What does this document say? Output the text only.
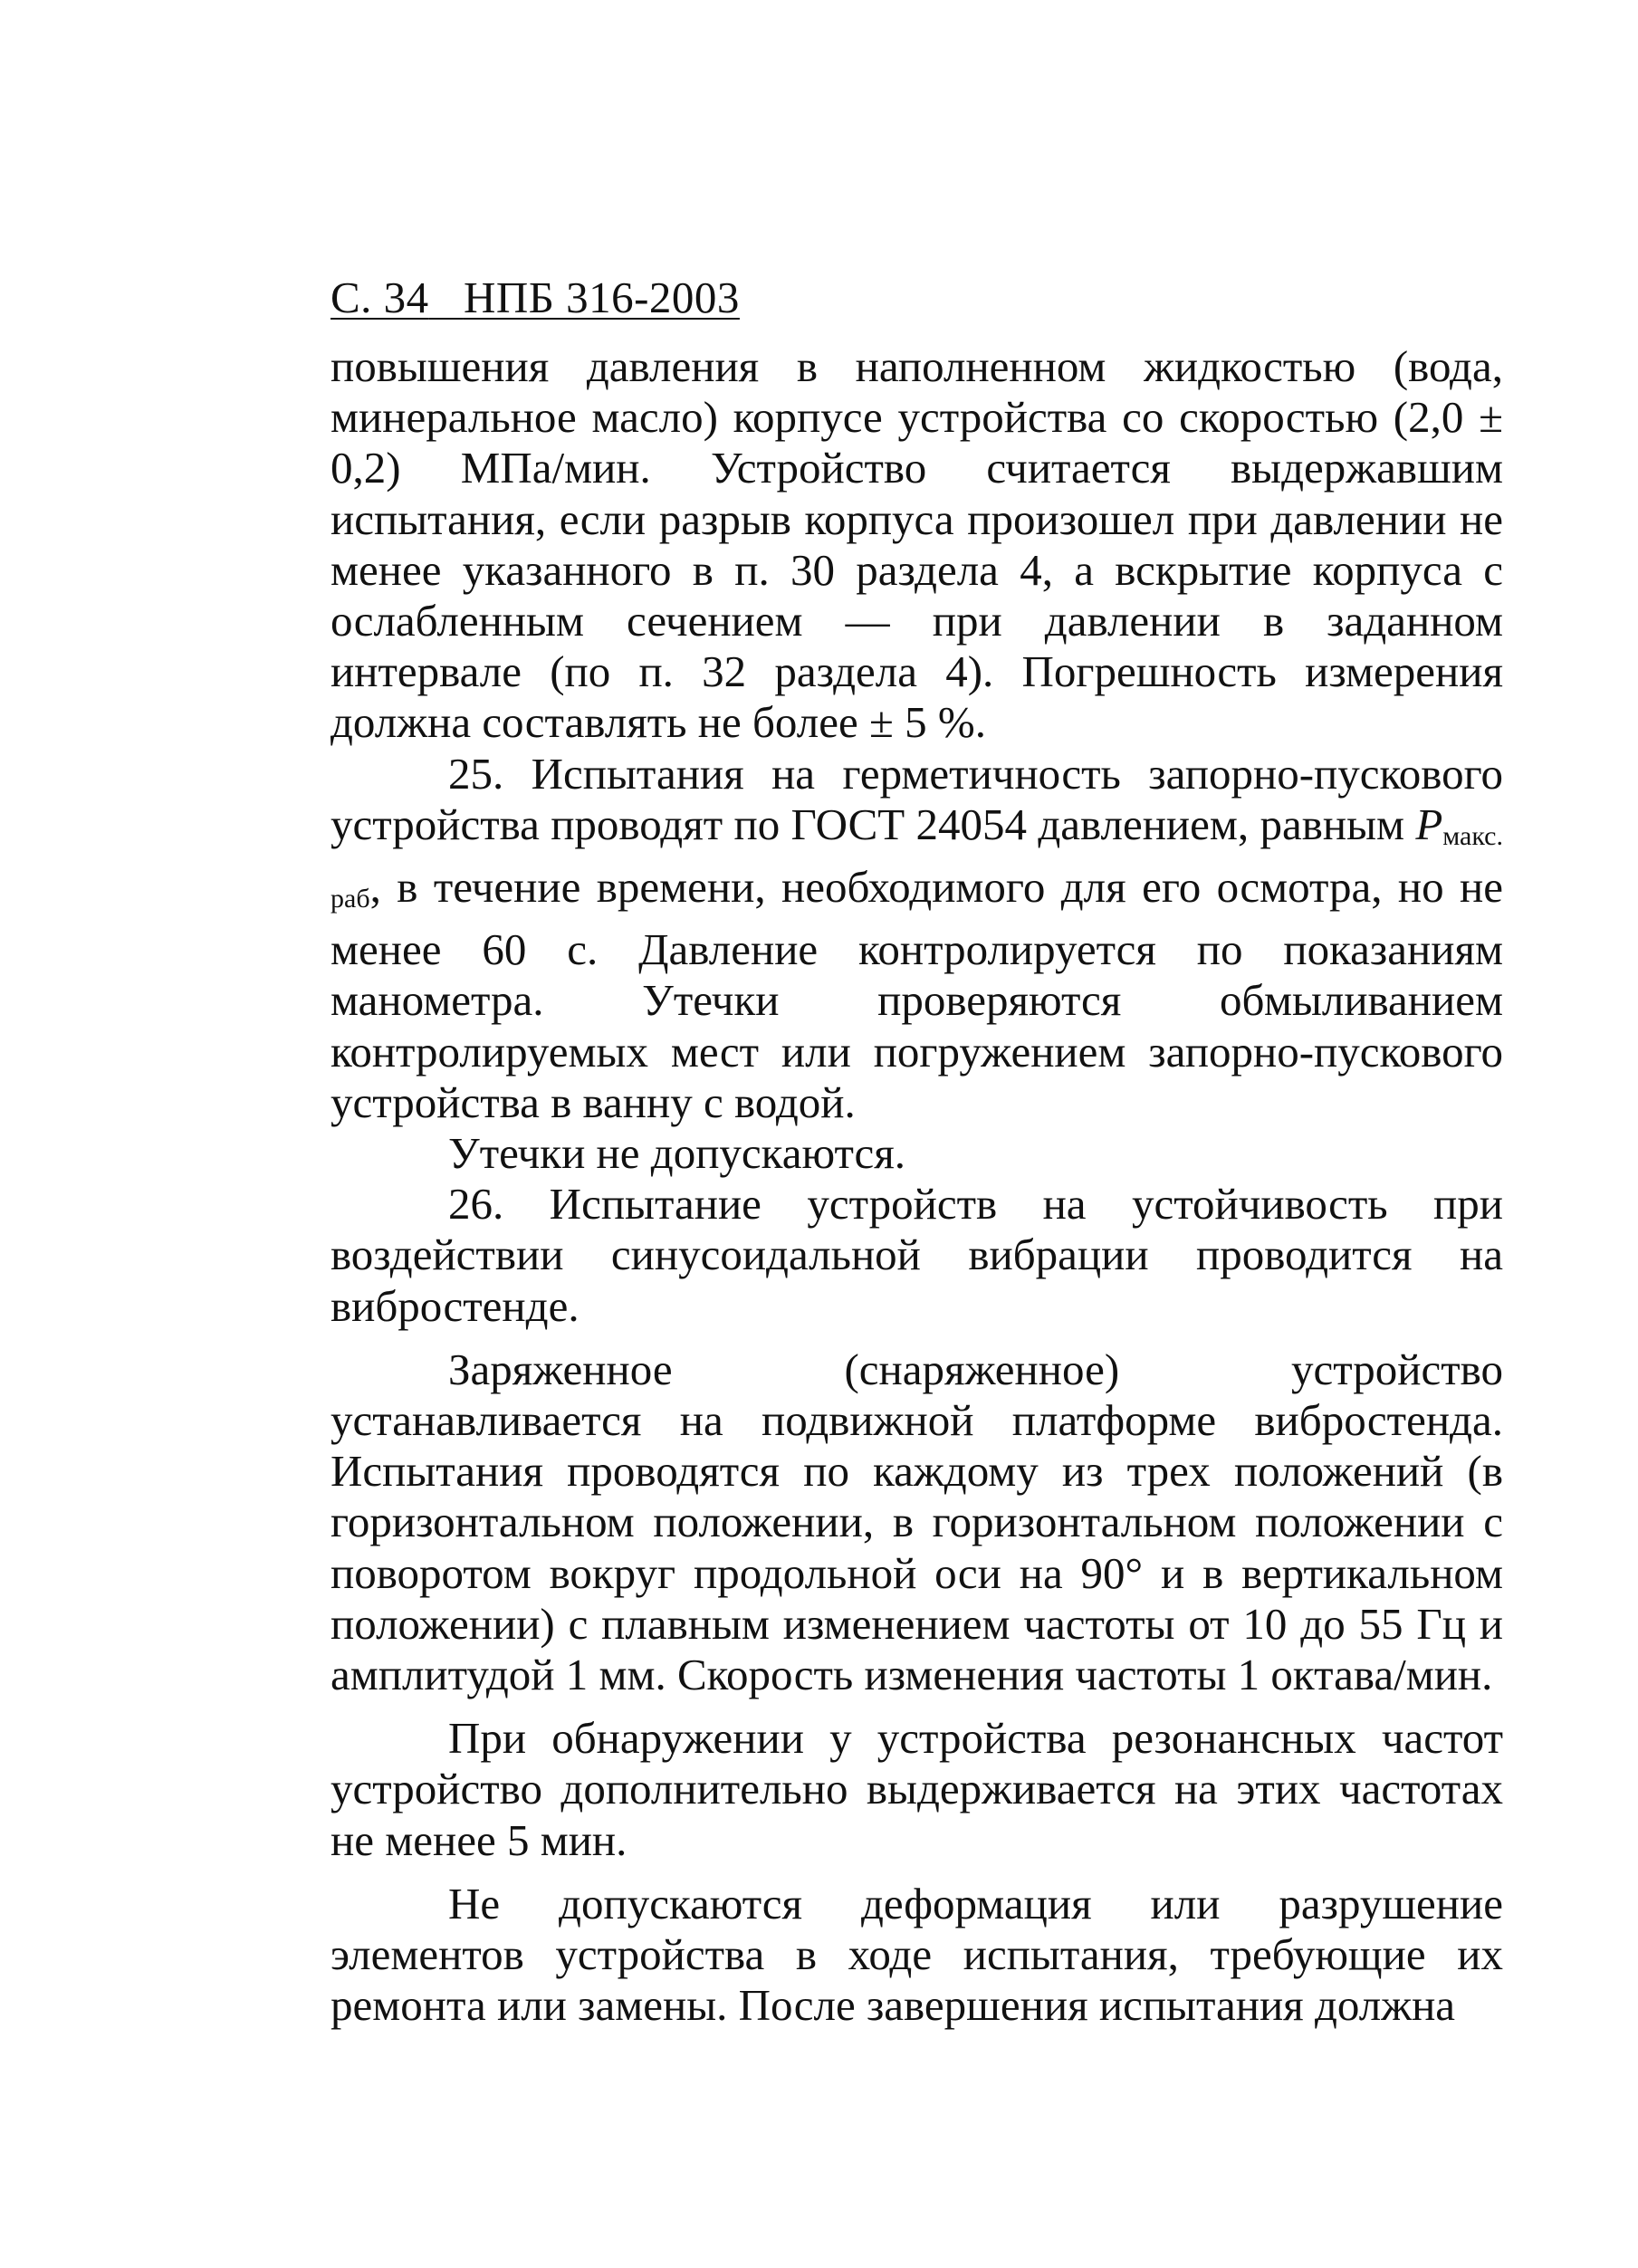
С. 34 НПБ 316-2003

повышения давления в наполненном жидкостью (вода, минеральное масло) корпусе устройства со скоростью (2,0 ± 0,2) МПа/мин. Устройство считается выдержавшим испытания, если разрыв корпуса произошел при давлении не менее указанного в п. 30 раздела 4, а вскрытие корпуса с ослабленным сечением — при давлении в заданном интервале (по п. 32 раздела 4). Погрешность измерения должна составлять не более ± 5 %.

25. Испытания на герметичность запорно-пускового устройства проводят по ГОСТ 24054 давлением, равным $P_{макс. раб}$, в течение времени, необходимого для его осмотра, но не менее 60 с. Давление контролируется по показаниям манометра. Утечки проверяются обмыливанием контролируемых мест или погружением запорно-пускового устройства в ванну с водой.

Утечки не допускаются.

26. Испытание устройств на устойчивость при воздействии синусоидальной вибрации проводится на вибростенде.

Заряженное (снаряженное) устройство устанавливается на подвижной платформе вибростенда. Испытания проводятся по каждому из трех положений (в горизонтальном положении, в горизонтальном положении с поворотом вокруг продольной оси на 90° и в вертикальном положении) с плавным изменением частоты от 10 до 55 Гц и амплитудой 1 мм. Скорость изменения частоты 1 октава/мин.

При обнаружении у устройства резонансных частот устройство дополнительно выдерживается на этих частотах не менее 5 мин.

Не допускаются деформация или разрушение элементов устройства в ходе испытания, требующие их ремонта или замены. После завершения испытания должна
